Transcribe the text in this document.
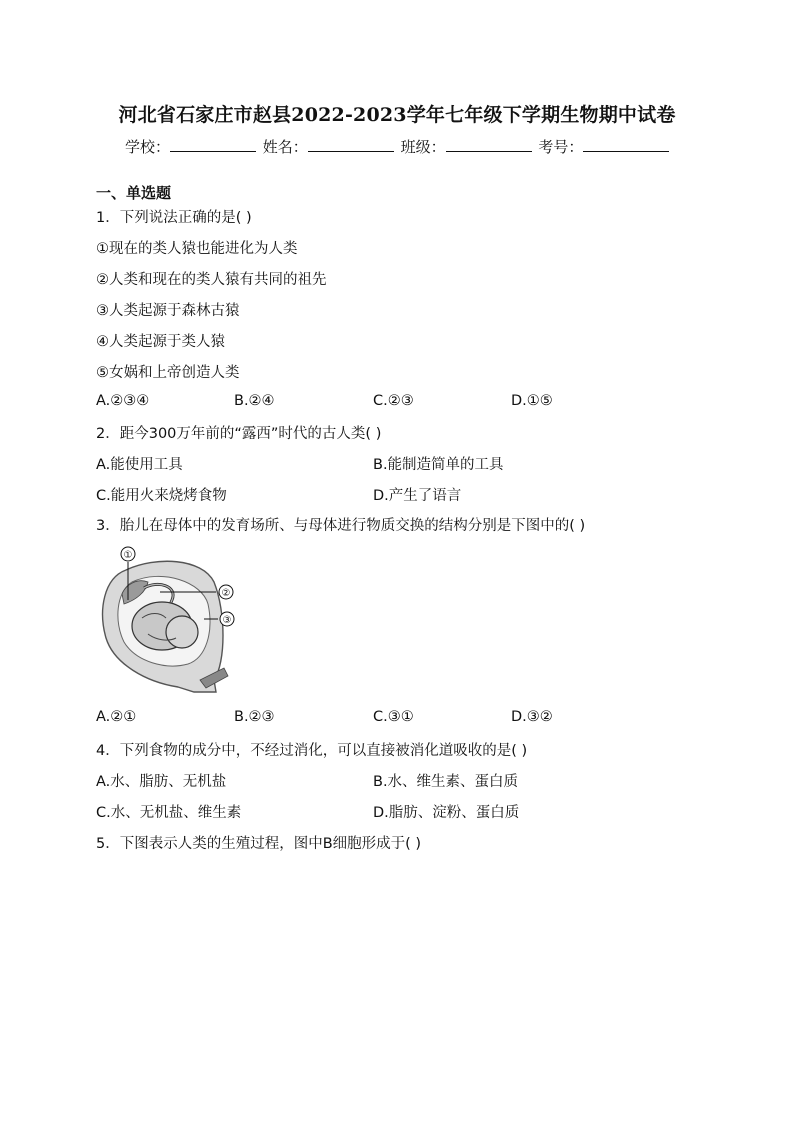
河北省石家庄市赵县2022-2023学年七年级下学期生物期中试卷
学校：	姓名：	班级：	考号：
一、单选题
1．下列说法正确的是( )
①现在的类人猿也能进化为人类
②人类和现在的类人猿有共同的祖先
③人类起源于森林古猿
④人类起源于类人猿
⑤女娲和上帝创造人类
A.②③④	B.②④	C.②③	D.①⑤
2．距今300万年前的“露西”时代的古人类( )
A.能使用工具	B.能制造简单的工具
C.能用火来烧烤食物	D.产生了语言
3．胎儿在母体中的发育场所、与母体进行物质交换的结构分别是下图中的( )
①
②
③
A.②①	B.②③	C.③①	D.③②
4．下列食物的成分中，不经过消化，可以直接被消化道吸收的是( )
A.水、脂肪、无机盐	B.水、维生素、蛋白质
C.水、无机盐、维生素	D.脂肪、淀粉、蛋白质
5．下图表示人类的生殖过程，图中B细胞形成于( )
